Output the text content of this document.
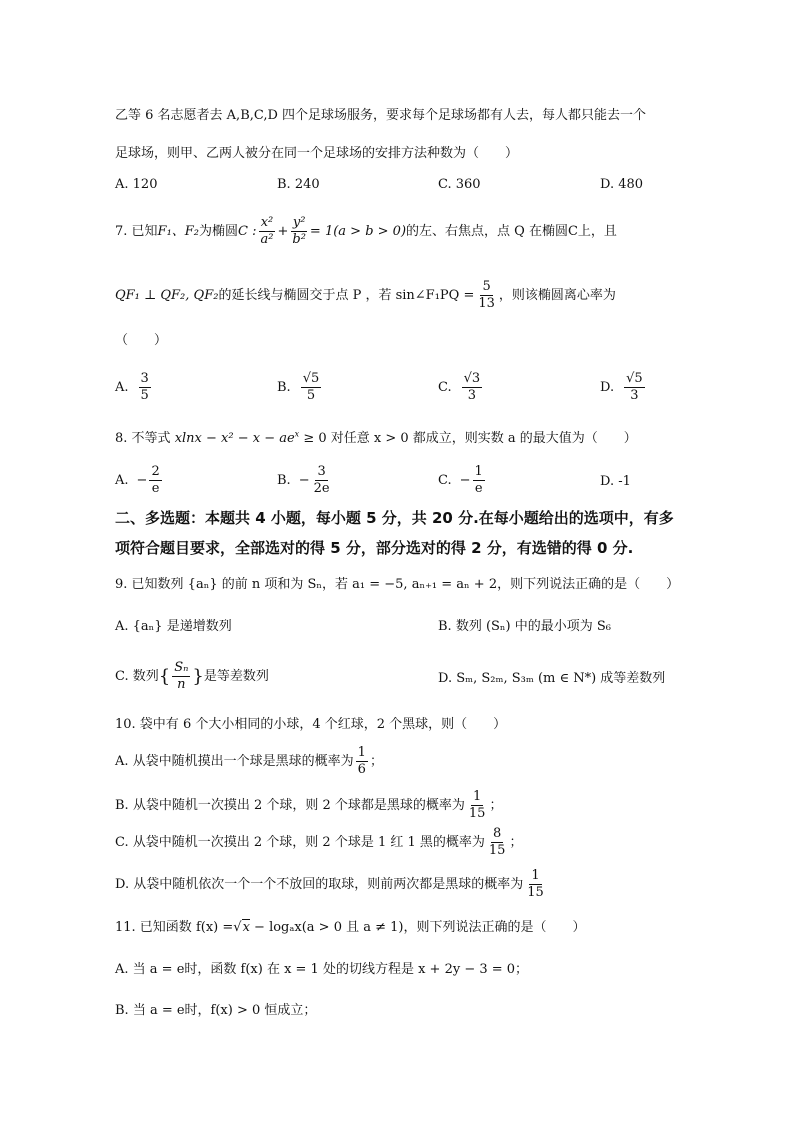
乙等 6 名志愿者去 A,B,C,D 四个足球场服务，要求每个足球场都有人去，每人都只能去一个
足球场，则甲、乙两人被分在同一个足球场的安排方法种数为（　　）
A. 120	B. 240	C. 360	D. 480
7. 已知 F₁、F₂ 为椭圆 C : $\frac{\text{x²}}{\text{a²}} + \frac{\text{y²}}{\text{b²}} = 1(a > b > 0)$ 的左、右焦点，点 Q 在椭圆C上，且
QF₁ ⊥ QF₂, QF₂ 的延长线与椭圆交于点 P ，若 sin∠F₁PQ = $\frac{5}{13}$ ，则该椭圆离心率为
（　　）
A. $\frac{3}{5}$	B. $\frac{√5}{5}$	C. $\frac{√3}{3}$	D. $\frac{√5}{3}$
8. 不等式 $xlnx - x^2 - x - ae^x \ge 0$ 对任意 x > 0 都成立，则实数 a 的最大值为（　　）
A. − $\frac{2}{e}$	B. − $\frac{3}{2e}$	C. − $\frac{1}{e}$	D. -1
二、多选题：本题共 4 小题，每小题 5 分，共 20 分.在每小题给出的选项中，有多
项符合题目要求，全部选对的得 5 分，部分选对的得 2 分，有选错的得 0 分.
9. 已知数列 {aₙ} 的前 n 项和为 Sₙ，若 a₁ = −5, aₙ₊₁ = aₙ + 2，则下列说法正确的是（　　）
A. {aₙ} 是递增数列	B. 数列 (Sₙ) 中的最小项为 S₆
C. 数列 { $\frac{\text{Sₙ}}{n}$ } 是等差数列	D. Sₘ, S₂ₘ, S₃ₘ (m ∈ N*) 成等差数列
10. 袋中有 6 个大小相同的小球，4 个红球，2 个黑球，则（　　）
A. 从袋中随机摸出一个球是黑球的概率为 $\frac{1}{6}$ ；
B. 从袋中随机一次摸出 2 个球，则 2 个球都是黑球的概率为 $\frac{1}{15}$ ；
C. 从袋中随机一次摸出 2 个球，则 2 个球是 1 红 1 黑的概率为 $\frac{8}{15}$ ；
D. 从袋中随机依次一个一个不放回的取球，则前两次都是黑球的概率为 $\frac{1}{15}$
11. 已知函数 f(x) =√x − logₐx(a > 0 且 a ≠ 1)，则下列说法正确的是（　　）
A. 当 a = e时，函数 f(x) 在 x = 1 处的切线方程是 x + 2y − 3 = 0；
B. 当 a = e时，f(x) > 0 恒成立；
